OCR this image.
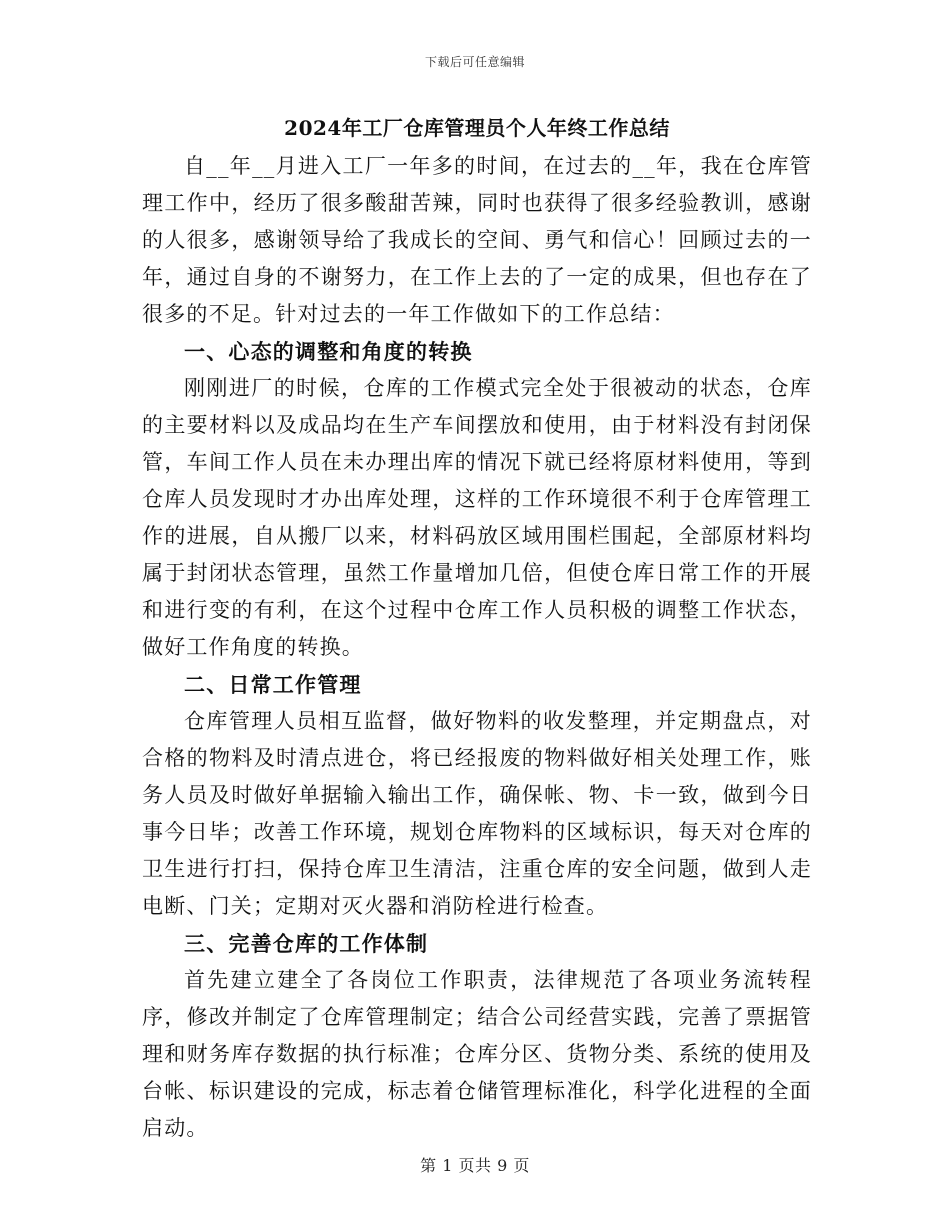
下载后可任意编辑
2024年工厂仓库管理员个人年终工作总结

自__年__月进入工厂一年多的时间，在过去的__年，我在仓库管理工作中，经历了很多酸甜苦辣，同时也获得了很多经验教训，感谢的人很多，感谢领导给了我成长的空间、勇气和信心！回顾过去的一年，通过自身的不谢努力，在工作上去的了一定的成果，但也存在了很多的不足。针对过去的一年工作做如下的工作总结：

一、心态的调整和角度的转换

刚刚进厂的时候，仓库的工作模式完全处于很被动的状态，仓库的主要材料以及成品均在生产车间摆放和使用，由于材料没有封闭保管，车间工作人员在未办理出库的情况下就已经将原材料使用，等到仓库人员发现时才办出库处理，这样的工作环境很不利于仓库管理工作的进展，自从搬厂以来，材料码放区域用围栏围起，全部原材料均属于封闭状态管理，虽然工作量增加几倍，但使仓库日常工作的开展和进行变的有利，在这个过程中仓库工作人员积极的调整工作状态，做好工作角度的转换。

二、日常工作管理

仓库管理人员相互监督，做好物料的收发整理，并定期盘点，对合格的物料及时清点进仓，将已经报废的物料做好相关处理工作，账务人员及时做好单据输入输出工作，确保帐、物、卡一致，做到今日事今日毕；改善工作环境，规划仓库物料的区域标识，每天对仓库的卫生进行打扫，保持仓库卫生清洁，注重仓库的安全问题，做到人走电断、门关；定期对灭火器和消防栓进行检查。

三、完善仓库的工作体制

首先建立建全了各岗位工作职责，法律规范了各项业务流转程序，修改并制定了仓库管理制定；结合公司经营实践，完善了票据管理和财务库存数据的执行标准；仓库分区、货物分类、系统的使用及台帐、标识建设的完成，标志着仓储管理标准化，科学化进程的全面启动。

第 1 页共 9 页
